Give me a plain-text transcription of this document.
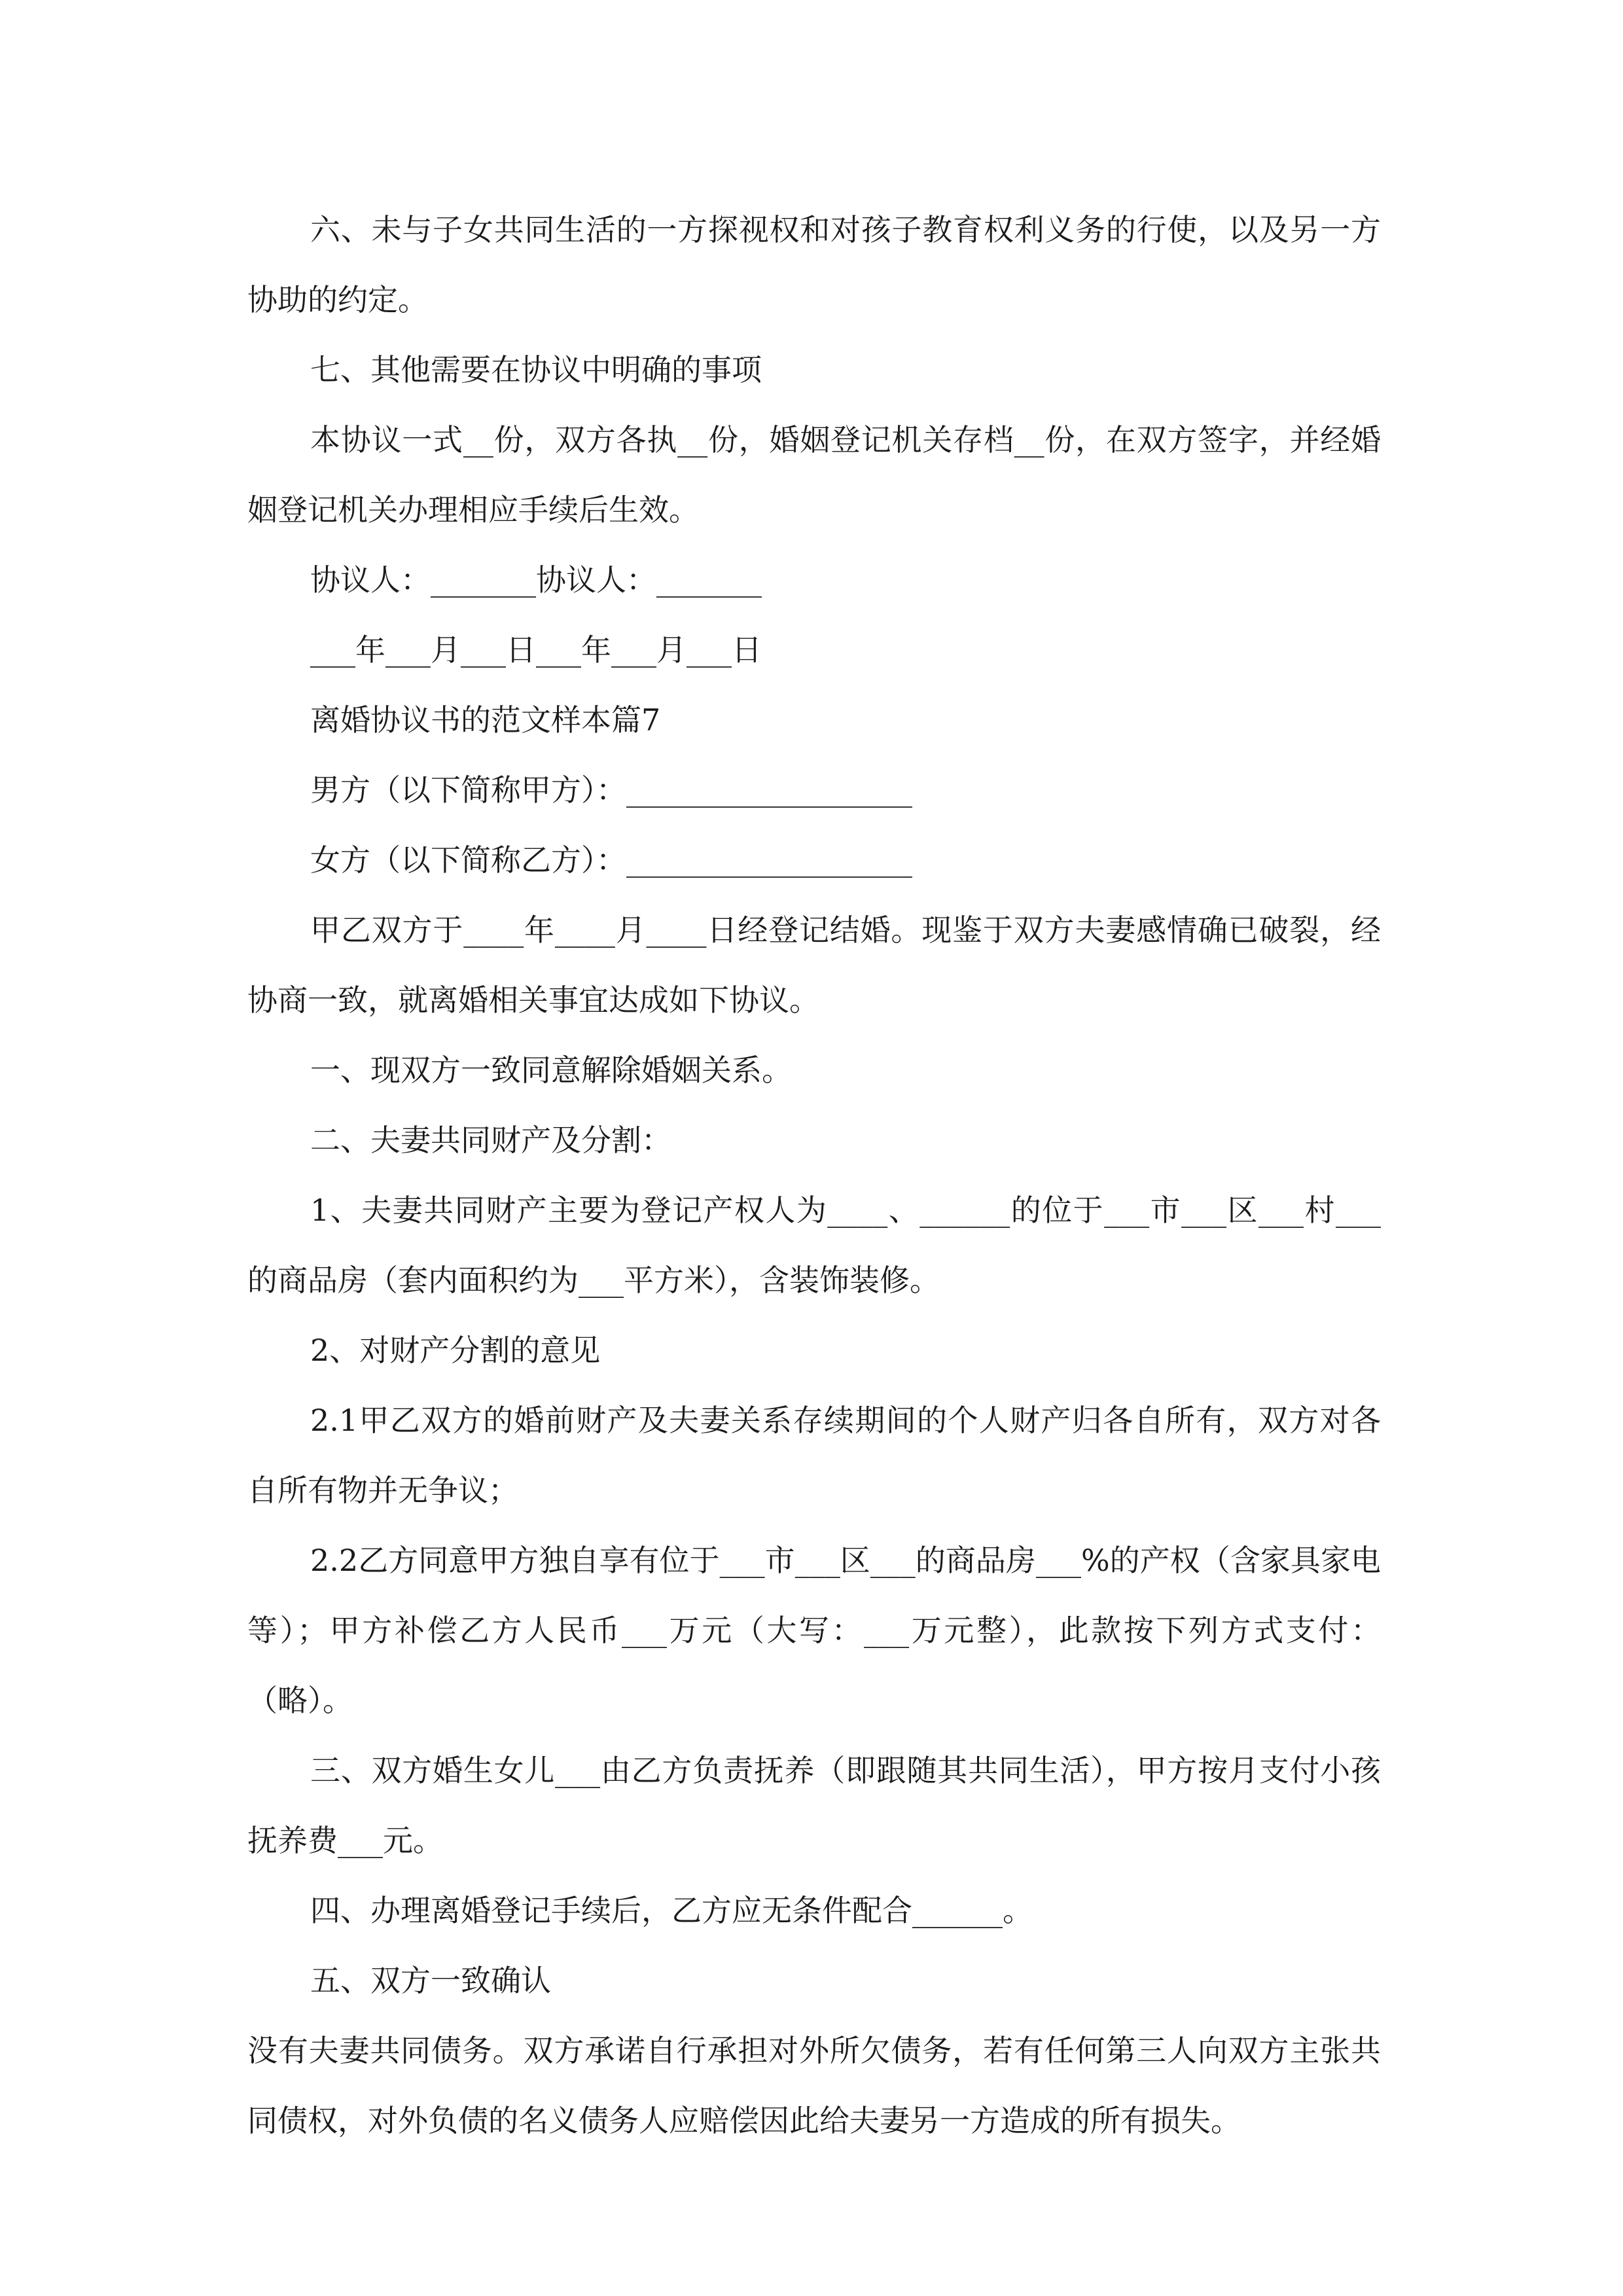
六、未与子女共同生活的一方探视权和对孩子教育权利义务的行使，以及另一方协助的约定。

七、其他需要在协议中明确的事项

本协议一式__份，双方各执__份，婚姻登记机关存档__份，在双方签字，并经婚姻登记机关办理相应手续后生效。

协议人：_______协议人：_______

___年___月___日___年___月___日

离婚协议书的范文样本篇7

男方（以下简称甲方）：___________________

女方（以下简称乙方）：___________________

甲乙双方于____年____月____日经登记结婚。现鉴于双方夫妻感情确已破裂，经协商一致，就离婚相关事宜达成如下协议。

一、现双方一致同意解除婚姻关系。

二、夫妻共同财产及分割：

1、夫妻共同财产主要为登记产权人为____、______的位于___市___区___村___的商品房（套内面积约为___平方米），含装饰装修。

2、对财产分割的意见

2.1甲乙双方的婚前财产及夫妻关系存续期间的个人财产归各自所有，双方对各自所有物并无争议；

2.2乙方同意甲方独自享有位于___市___区___的商品房___%的产权（含家具家电等）；甲方补偿乙方人民币___万元（大写：___万元整），此款按下列方式支付：（略）。

三、双方婚生女儿___由乙方负责抚养（即跟随其共同生活），甲方按月支付小孩抚养费___元。

四、办理离婚登记手续后，乙方应无条件配合______。

五、双方一致确认

没有夫妻共同债务。双方承诺自行承担对外所欠债务，若有任何第三人向双方主张共同债权，对外负债的名义债务人应赔偿因此给夫妻另一方造成的所有损失。
